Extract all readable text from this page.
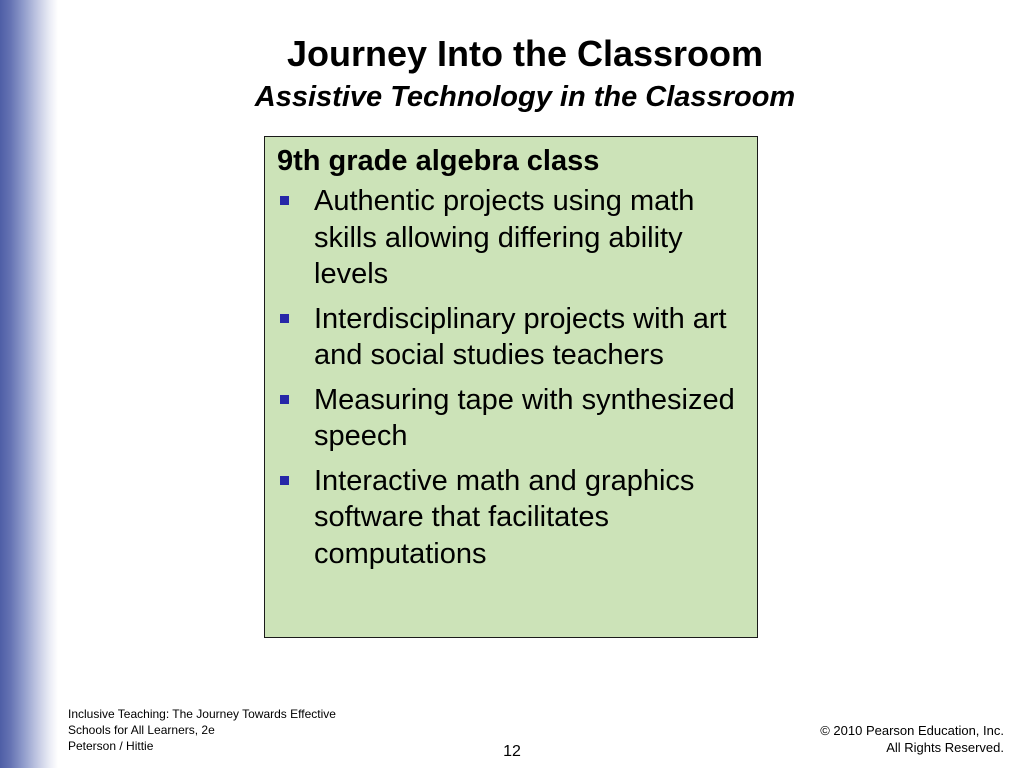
Journey Into the Classroom
Assistive Technology in the Classroom
9th grade algebra class
Authentic projects using math skills allowing differing ability levels
Interdisciplinary projects with art and social studies teachers
Measuring tape with synthesized speech
Interactive math and graphics software that facilitates computations
Inclusive Teaching: The Journey Towards Effective
Schools for All Learners, 2e
Peterson / Hittie	12
© 2010 Pearson Education, Inc.
All Rights Reserved.
